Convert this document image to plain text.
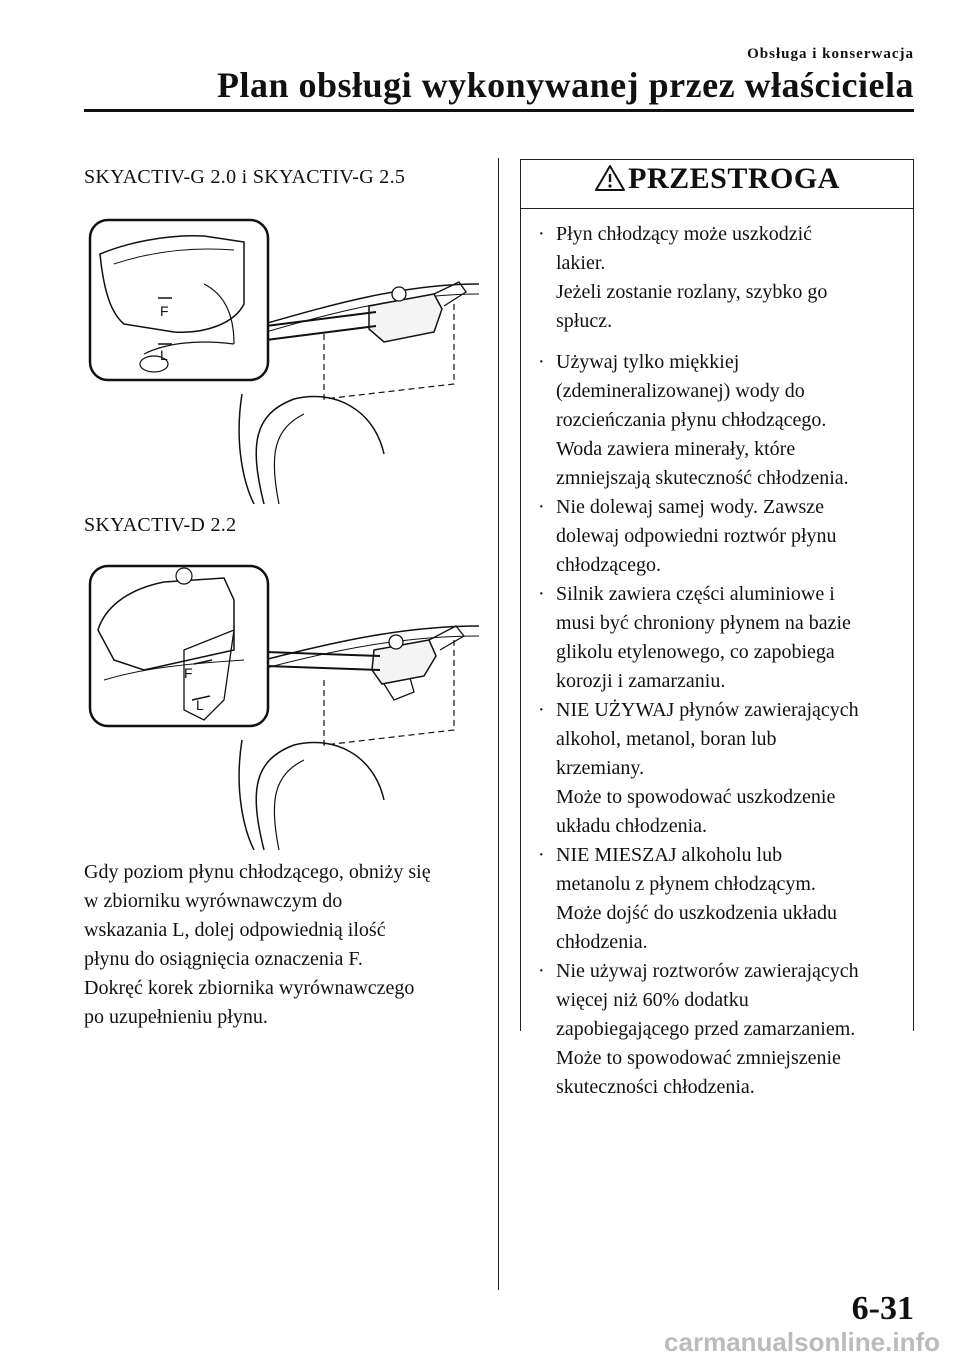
Obsługa i konserwacja
Plan obsługi wykonywanej przez właściciela
SKYACTIV-G 2.0 i SKYACTIV-G 2.5
F
L
SKYACTIV-D 2.2
F
L
Gdy poziom płynu chłodzącego, obniży się
w zbiorniku wyrównawczym do
wskazania L, dolej odpowiednią ilość
płynu do osiągnięcia oznaczenia F.
Dokręć korek zbiornika wyrównawczego
po uzupełnieniu płynu.
PRZESTROGA
· Płyn chłodzący może uszkodzić
lakier.
Jeżeli zostanie rozlany, szybko go
spłucz.
· Używaj tylko miękkiej
(zdemineralizowanej) wody do
rozcieńczania płynu chłodzącego.
Woda zawiera minerały, które
zmniejszają skuteczność chłodzenia.
· Nie dolewaj samej wody. Zawsze
dolewaj odpowiedni roztwór płynu
chłodzącego.
· Silnik zawiera części aluminiowe i
musi być chroniony płynem na bazie
glikolu etylenowego, co zapobiega
korozji i zamarzaniu.
· NIE UŻYWAJ płynów zawierających
alkohol, metanol, boran lub
krzemiany.
Może to spowodować uszkodzenie
układu chłodzenia.
· NIE MIESZAJ alkoholu lub
metanolu z płynem chłodzącym.
Może dojść do uszkodzenia układu
chłodzenia.
· Nie używaj roztworów zawierających
więcej niż 60% dodatku
zapobiegającego przed zamarzaniem.
Może to spowodować zmniejszenie
skuteczności chłodzenia.
6-31
carmanualsonline.info
